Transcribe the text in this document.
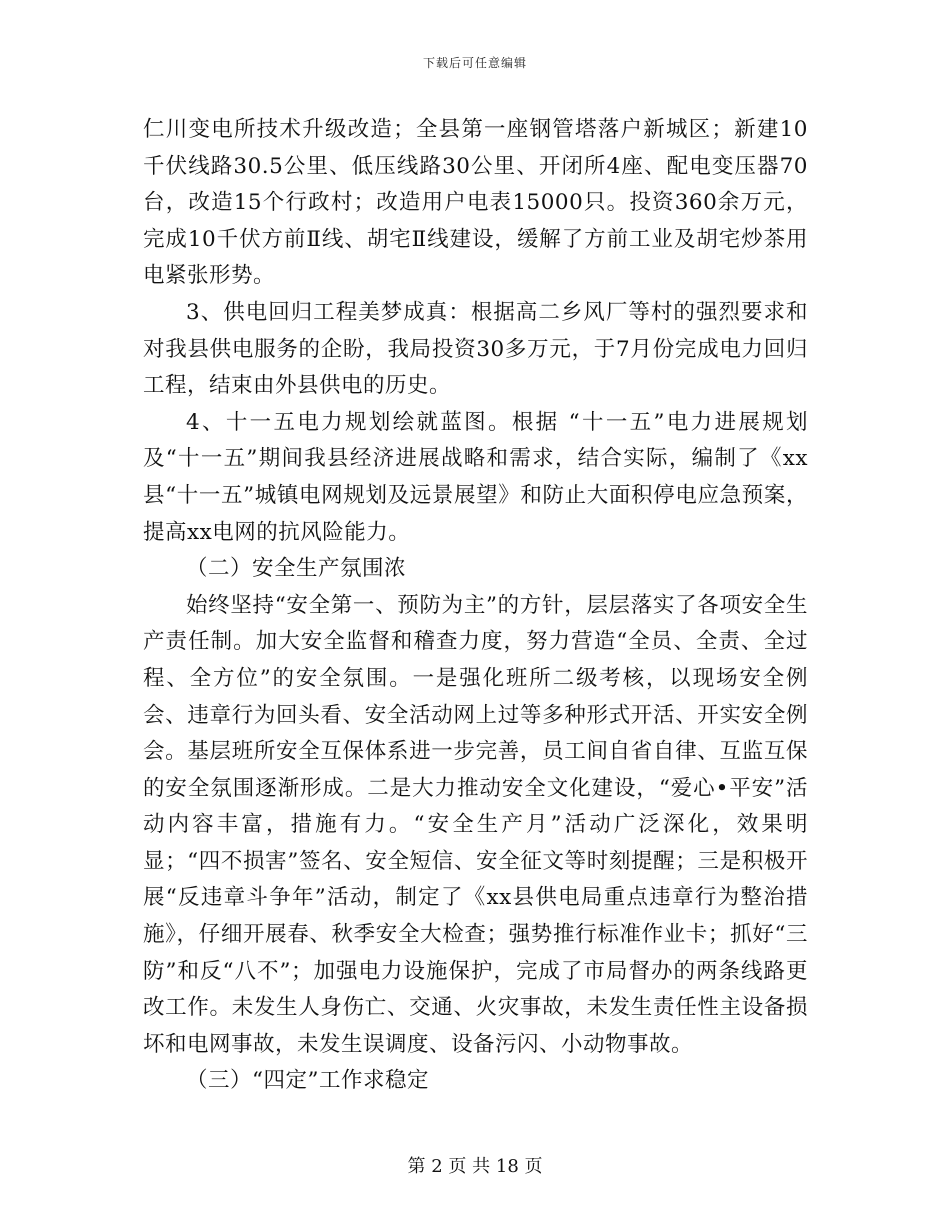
下载后可任意编辑

仁川变电所技术升级改造；全县第一座钢管塔落户新城区；新建10千伏线路30.5公里、低压线路30公里、开闭所4座、配电变压器70台，改造15个行政村；改造用户电表15000只。投资360余万元，完成10千伏方前Ⅱ线、胡宅Ⅱ线建设，缓解了方前工业及胡宅炒茶用电紧张形势。

3、供电回归工程美梦成真：根据高二乡风厂等村的强烈要求和对我县供电服务的企盼，我局投资30多万元，于7月份完成电力回归工程，结束由外县供电的历史。

4、十一五电力规划绘就蓝图。根据 “十一五”电力进展规划及“十一五”期间我县经济进展战略和需求，结合实际，编制了《xx县“十一五”城镇电网规划及远景展望》和防止大面积停电应急预案，提高xx电网的抗风险能力。

（二）安全生产氛围浓

始终坚持“安全第一、预防为主”的方针，层层落实了各项安全生产责任制。加大安全监督和稽查力度，努力营造“全员、全责、全过程、全方位”的安全氛围。一是强化班所二级考核，以现场安全例会、违章行为回头看、安全活动网上过等多种形式开活、开实安全例会。基层班所安全互保体系进一步完善，员工间自省自律、互监互保的安全氛围逐渐形成。二是大力推动安全文化建设，“爱心•平安”活动内容丰富，措施有力。“安全生产月”活动广泛深化，效果明显；“四不损害”签名、安全短信、安全征文等时刻提醒；三是积极开展“反违章斗争年”活动，制定了《xx县供电局重点违章行为整治措施》，仔细开展春、秋季安全大检查；强势推行标准作业卡；抓好“三防”和反“八不”；加强电力设施保护，完成了市局督办的两条线路更改工作。未发生人身伤亡、交通、火灾事故，未发生责任性主设备损坏和电网事故，未发生误调度、设备污闪、小动物事故。

（三）“四定”工作求稳定

第 2 页 共 18 页
